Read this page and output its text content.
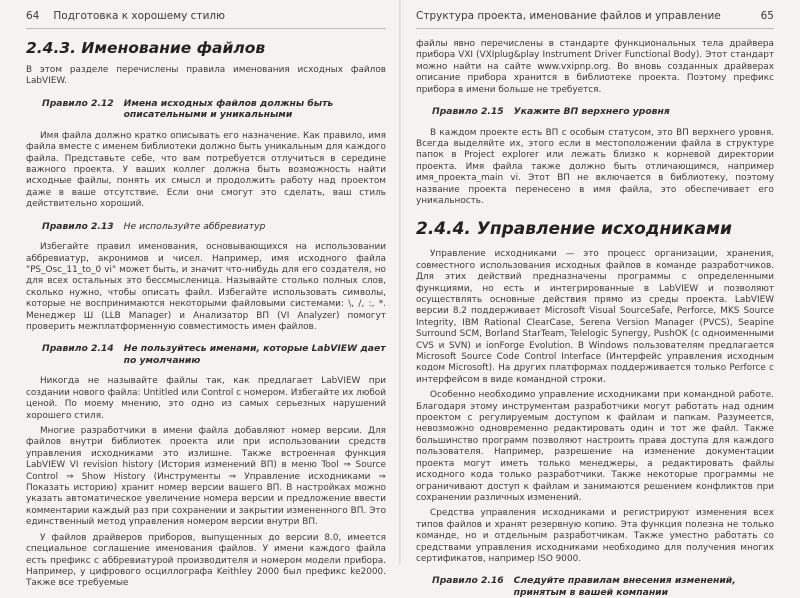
64 Подготовка к хорошему стилю
2.4.3. Именование файлов

В этом разделе перечислены правила именования исходных файлов LabVIEW.

Правило 2.12 Имена исходных файлов должны быть описательными и уникальными

Имя файла должно кратко описывать его назначение. Как правило, имя файла вместе с именем библиотеки должно быть уникальным для каждого файла. Представьте себе, что вам потребуется отлучиться в середине важного проекта. У ваших коллег должна быть возможность найти исходные файлы, понять их смысл и продолжить работу над проектом даже в ваше отсутствие. Если они смогут это сделать, ваш стиль действительно хороший.

Правило 2.13 Не используйте аббревиатур

Избегайте правил именования, основывающихся на использовании аббревиатур, акронимов и чисел. Например, имя исходного файла "PS_Osc_11_to_0 vi" может быть, и значит что-нибудь для его создателя, но для всех остальных это бессмысленица. Называйте столько полных слов, сколько нужно, чтобы описать файл. Избегайте использовать символы, которые не воспринимаются некоторыми файловыми системами: \, /, :, *. Менеджер Ш (LLB Manager) и Анализатор ВП (VI Analyzer) помогут проверить межплатформенную совместимость имен файлов.

Правило 2.14 Не пользуйтесь именами, которые LabVIEW дает по умолчанию

Никогда не называйте файлы так, как предлагает LabVIEW при создании нового файла: Untitled или Control с номером. Избегайте их любой ценой. По моему мнению, это одно из самых серьезных нарушений хорошего стиля.

Многие разработчики в имени файла добавляют номер версии. Для файлов внутри библиотек проекта или при использовании средств управления исходниками это излишне. Также встроенная функция LabVIEW VI revision history (История изменений ВП) в меню Tool ⇒ Source Control ⇒ Show History (Инструменты ⇒ Управление исходниками ⇒ Показать историю) хранит номер версии вашего ВП. В настройках можно указать автоматическое увеличение номера версии и предложение ввести комментарии каждый раз при сохранении и закрытии измененного ВП. Это единственный метод управления номером версии внутри ВП.

У файлов драйверов приборов, выпущенных до версии 8.0, имеется специальное соглашение именования файлов. У имени каждого файла есть префикс с аббревиатурой производителя и номером модели прибора. Например, у цифрового осциллографа Keithley 2000 был префикс ke2000. Также все требуемые

Структура проекта, именование файлов и управление	65

файлы явно перечислены в стандарте функциональных тела драйвера прибора VXI (VXIplug&play Instrument Driver Functional Body). Этот стандарт можно найти на сайте www.vxipnp.org. Во вновь созданных драйверах описание прибора хранится в библиотеке проекта. Поэтому префикс прибора в имени больше не требуется.

Правило 2.15 Укажите ВП верхнего уровня

В каждом проекте есть ВП с особым статусом, это ВП верхнего уровня. Всегда выделяйте их, этого если в местоположении файла в структуре папок в Project explorer или лежать близко к корневой директории проекта. Имя файла также должно быть отличающимся, например имя_проекта_main vi. Этот ВП не включается в библиотеку, поэтому название проекта перенесено в имя файла, это обеспечивает его уникальность.

2.4.4. Управление исходниками

Управление исходниками — это процесс организации, хранения, совместного использования исходных файлов в команде разработчиков. Для этих действий предназначены программы с определенными функциями, но есть и интегрированные в LabVIEW и позволяют осуществлять основные действия прямо из среды проекта. LabVIEW версии 8.2 поддерживает Microsoft Visual SourceSafe, Perforce, MKS Source Integrity, IBM Rational ClearCase, Serena Version Manager (PVCS), Seapine Surround SCM, Borland StarTeam, Telelogic Synergy, PushOK (с одноименными CVS и SVN) и ionForge Evolution. В Windows пользователям предлагается Microsoft Source Code Control Interface (Интерфейс управления исходным кодом Microsoft). На других платформах поддерживается только Perforce с интерфейсом в виде командной строки.

Особенно необходимо управление исходниками при командной работе. Благодаря этому инструментам разработчики могут работать над одним проектом с регулируемым доступом к файлам и папкам. Разумеется, невозможно одновременно редактировать один и тот же файл. Также большинство программ позволяют настроить права доступа для каждого пользователя. Например, разрешение на изменение документации проекта могут иметь только менеджеры, а редактировать файлы исходного кода только разработчики. Также некоторые программы не ограничивают доступ к файлам и занимаются решением конфликтов при сохранении различных изменений.

Средства управления исходниками и регистрируют изменения всех типов файлов и хранят резервную копию. Эта функция полезна не только команде, но и отдельным разработчикам. Также уместно работать со средствами управления исходниками необходимо для получения многих сертификатов, например ISO 9000.

Правило 2.16 Следуйте правилам внесения изменений, принятым в вашей компании
